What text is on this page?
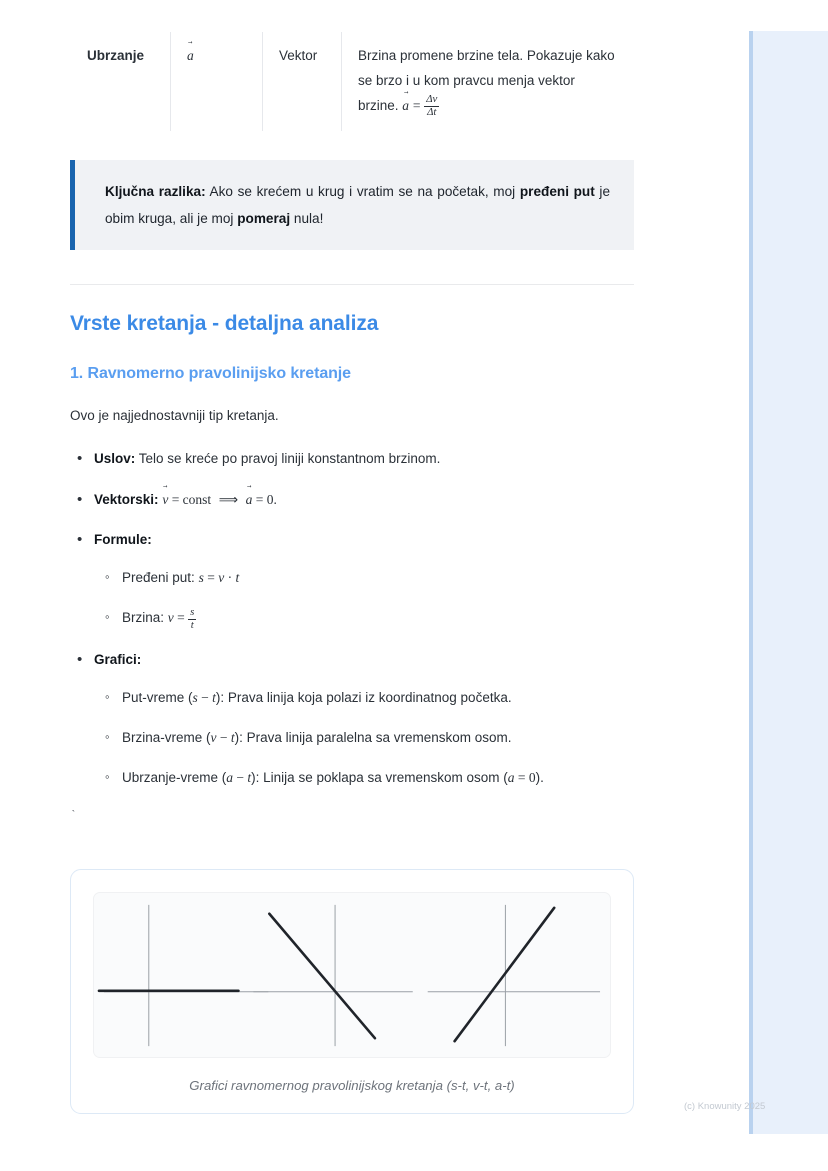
Ubrzanje	a →	Vektor	Brzina promene brzine tela. Pokazuje kako se brzo i u kom pravcu menja vektor brzine. a → = $\frac{\Delta v}{\Delta t}$
Ključna razlika: Ako se krećem u krug i vratim se na početak, moj pređeni put je obim kruga, ali je moj pomeraj nula!
Vrste kretanja - detaljna analiza
1. Ravnomerno pravolinijsko kretanje

Ovo je najjednostavniji tip kretanja.

• Uslov: Telo se kreće po pravoj liniji konstantnom brzinom.
• Vektorski: v → = const ⟹ a → = 0.
• Formule:
◦ Pređeni put: s = v · t
◦ Brzina: $v = \frac{s}{t}$
• Grafici:
◦ Put-vreme (s − t): Prava linija koja polazi iz koordinatnog početka.
◦ Brzina-vreme (v − t): Prava linija paralelna sa vremenskom osom.
◦ Ubrzanje-vreme (a − t): Linija se poklapa sa vremenskom osom (a = 0).
`
Grafici ravnomernog pravolinijskog kretanja (s-t, v-t, a-t)
(c) Knowunity 2025
